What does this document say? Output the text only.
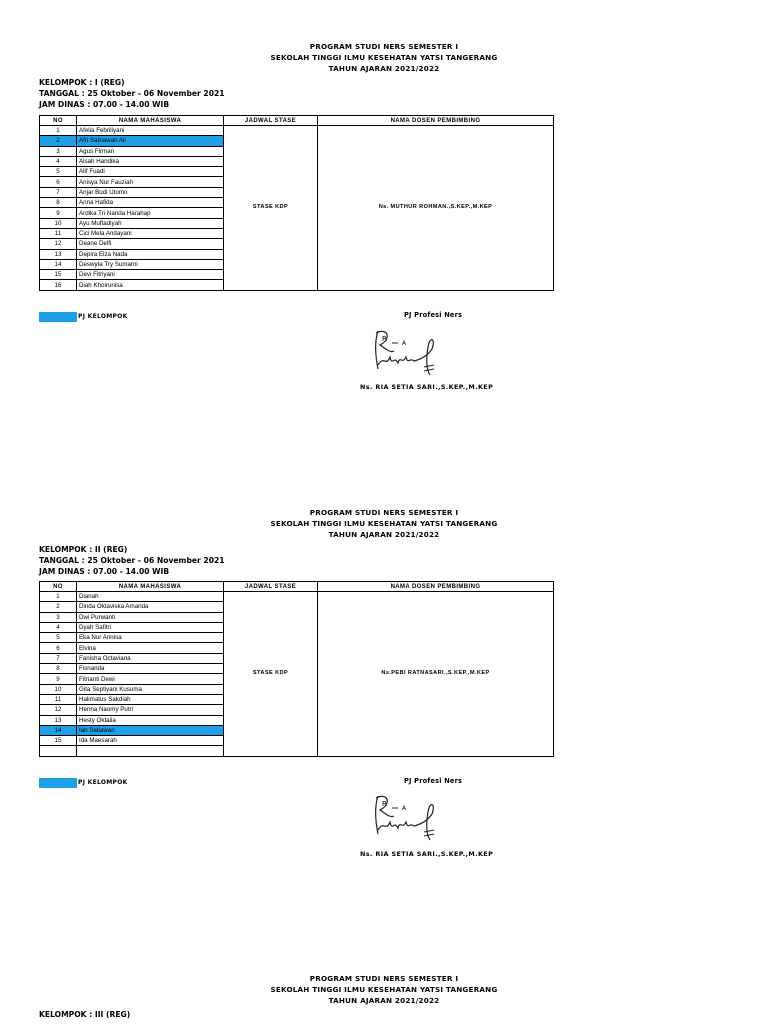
PROGRAM STUDI NERS SEMESTER I
SEKOLAH TINGGI ILMU KESEHATAN YATSI TANGERANG
TAHUN AJARAN 2021/2022
KELOMPOK : I (REG)
TANGGAL : 25 Oktober - 06 November 2021
JAM DINAS : 07.00 - 14.00 WIB
NO	NAMA MAHASISWA	JADWAL STASE	NAMA DOSEN PEMBIMBING
1	Afelia Febriliyani	STASE KDP	Ns. MUTHUR ROHMAN.,S.KEP.,M.KEP
2	Afri Satriawan Ali		
3	Agus Firman		
4	Aisah Handika		
5	Alif Fuadi		
6	Anisya Nur Fauziah		
7	Anjar Budi Utomo		
8	Anna Hafida		
9	Ardika Tri Nanda Harahap		
10	Ayu Muftadiyah		
11	Cici Mela Andayani		
12	Deane Delfi		
13	Depira Elza Nada		
14	Deswyta Try Sumarni		
15	Devi Fitriyani		
16	Diah Khoirunisa		
PJ KELOMPOK	PJ Profesi Ners
R
A
Ns. RIA SETIA SARI.,S.KEP.,M.KEP
PROGRAM STUDI NERS SEMESTER I
SEKOLAH TINGGI ILMU KESEHATAN YATSI TANGERANG
TAHUN AJARAN 2021/2022
KELOMPOK : II (REG)
TANGGAL : 25 Oktober - 06 November 2021
JAM DINAS : 07.00 - 14.00 WIB
NO	NAMA MAHASISWA	JADWAL STASE	NAMA DOSEN PEMBIMBING
1	Dianah	STASE KDP	Ns.PEBI RATNASARI.,S.KEP.,M.KEP
2	Dinda Oktaviska Amanda		
3	Dwi Purwanti		
4	Dyah Safitri		
5	Eka Nur Annisa		
6	Elvina		
7	Fanisha Octaviana		
8	Fisnanda		
9	Fitrianti Dewi		
10	Gita Septiyani Kusuma		
11	Halimatus Sakdiah		
12	Henna Naomy Putri		
13	Hesty Oktalia		
14	Ian Setiawan		
15	Ida Maesarah		

PJ KELOMPOK	PJ Profesi Ners
R
A
Ns. RIA SETIA SARI.,S.KEP.,M.KEP
PROGRAM STUDI NERS SEMESTER I
SEKOLAH TINGGI ILMU KESEHATAN YATSI TANGERANG
TAHUN AJARAN 2021/2022
KELOMPOK : III (REG)
